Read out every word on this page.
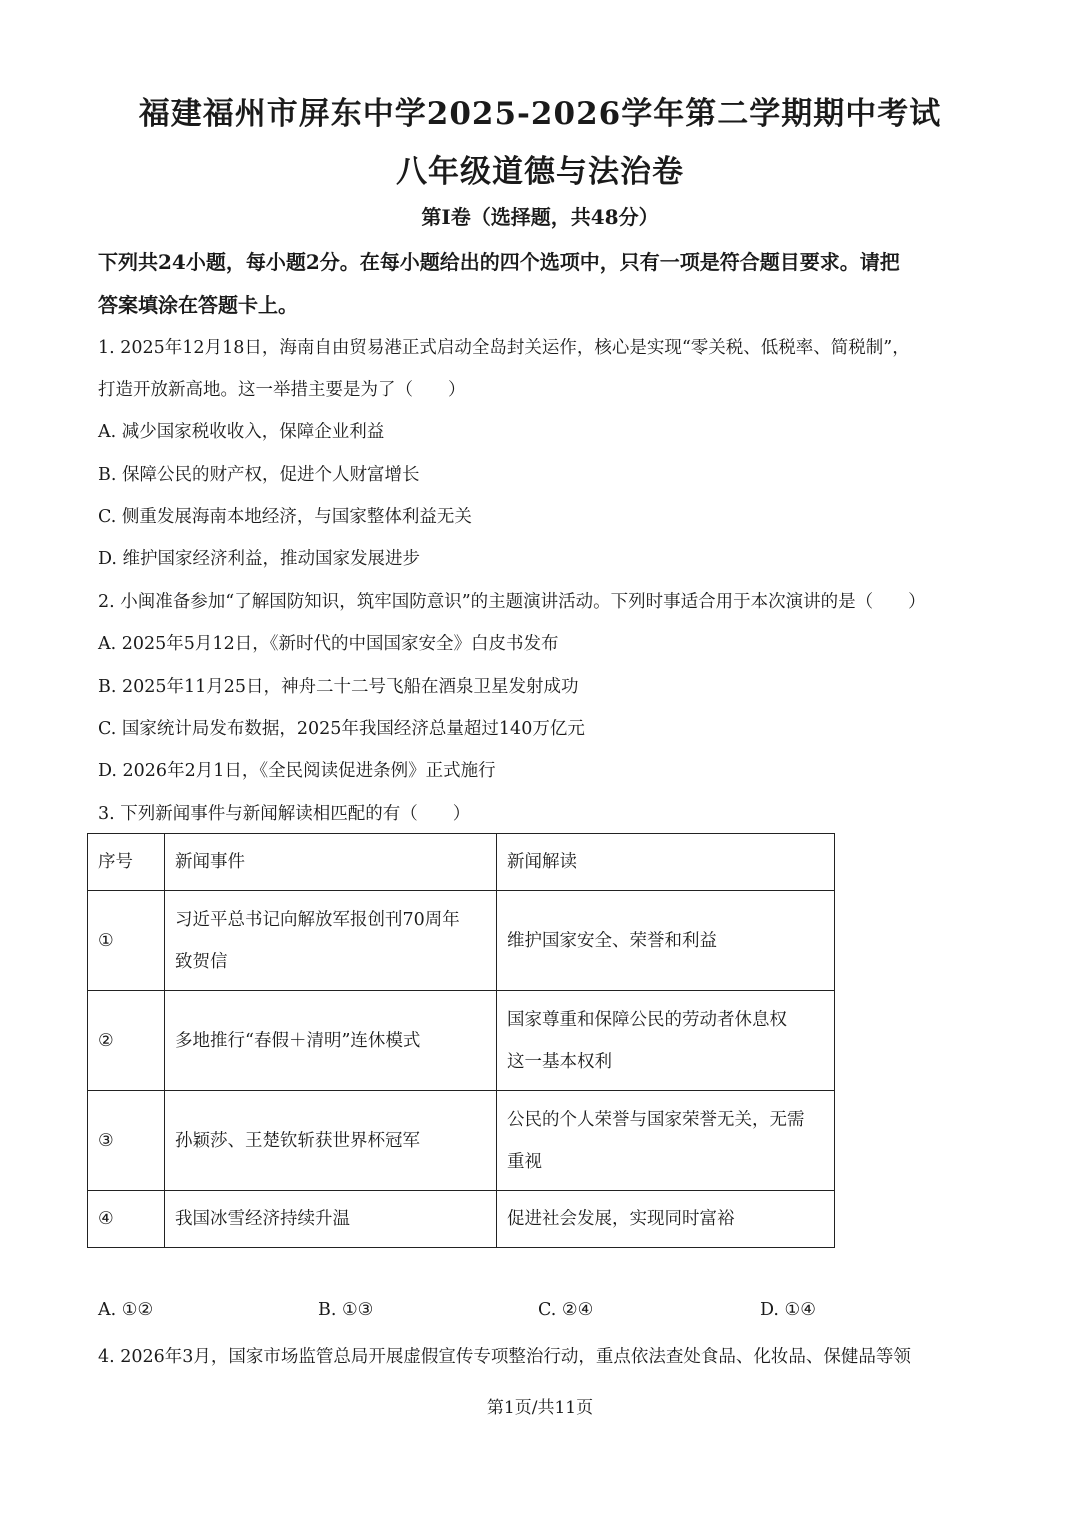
福建福州市屏东中学2025-2026学年第二学期期中考试
八年级道德与法治卷
第Ⅰ卷（选择题，共48分）
下列共24小题，每小题2分。在每小题给出的四个选项中，只有一项是符合题目要求。请把
答案填涂在答题卡上。
1. 2025年12月18日，海南自由贸易港正式启动全岛封关运作，核心是实现“零关税、低税率、简税制”，
打造开放新高地。这一举措主要是为了（　　）
A. 减少国家税收收入，保障企业利益
B. 保障公民的财产权，促进个人财富增长
C. 侧重发展海南本地经济，与国家整体利益无关
D. 维护国家经济利益，推动国家发展进步
2. 小闽准备参加“了解国防知识，筑牢国防意识”的主题演讲活动。下列时事适合用于本次演讲的是（　　）
A. 2025年5月12日，《新时代的中国国家安全》白皮书发布
B. 2025年11月25日，神舟二十二号飞船在酒泉卫星发射成功
C. 国家统计局发布数据，2025年我国经济总量超过140万亿元
D. 2026年2月1日，《全民阅读促进条例》正式施行
3. 下列新闻事件与新闻解读相匹配的有（　　）
序号	新闻事件	新闻解读
①	习近平总书记向解放军报创刊70周年
致贺信	维护国家安全、荣誉和利益

②	多地推行“春假＋清明”连休模式	国家尊重和保障公民的劳动者休息权
这一基本权利

③	孙颖莎、王楚钦斩获世界杯冠军	公民的个人荣誉与国家荣誉无关，无需
重视

④	我国冰雪经济持续升温	促进社会发展，实现同时富裕
A. ①②	B. ①③	C. ②④	D. ①④
4. 2026年3月，国家市场监管总局开展虚假宣传专项整治行动，重点依法查处食品、化妆品、保健品等领
第1页/共11页
